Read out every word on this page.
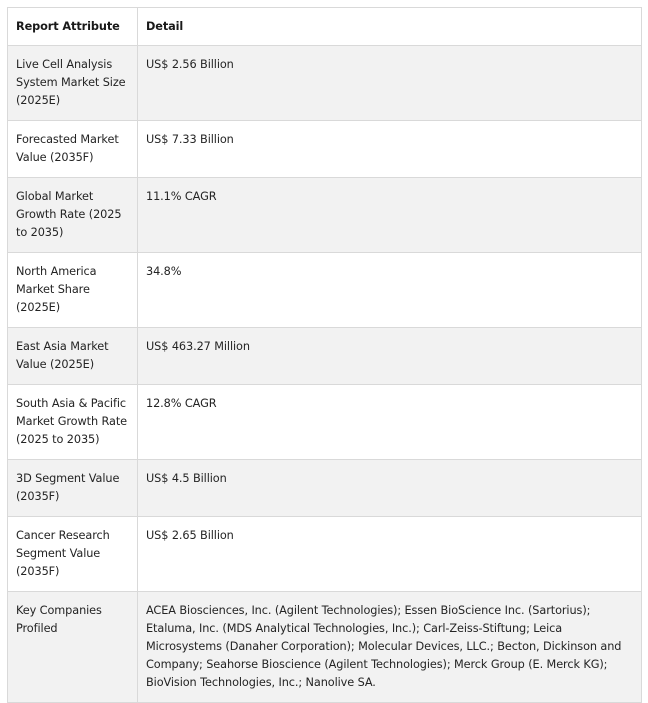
Report Attribute	Detail
Live Cell Analysis System Market Size (2025E)	US$ 2.56 Billion
Forecasted Market Value (2035F)	US$ 7.33 Billion
Global Market Growth Rate (2025 to 2035)	11.1% CAGR
North America Market Share (2025E)	34.8%
East Asia Market Value (2025E)	US$ 463.27 Million
South Asia & Pacific Market Growth Rate (2025 to 2035)	12.8% CAGR
3D Segment Value (2035F)	US$ 4.5 Billion
Cancer Research Segment Value (2035F)	US$ 2.65 Billion
Key Companies Profiled	ACEA Biosciences, Inc. (Agilent Technologies); Essen BioScience Inc. (Sartorius); Etaluma, Inc. (MDS Analytical Technologies, Inc.); Carl-Zeiss-Stiftung; Leica Microsystems (Danaher Corporation); Molecular Devices, LLC.; Becton, Dickinson and Company; Seahorse Bioscience (Agilent Technologies); Merck Group (E. Merck KG); BioVision Technologies, Inc.; Nanolive SA.
